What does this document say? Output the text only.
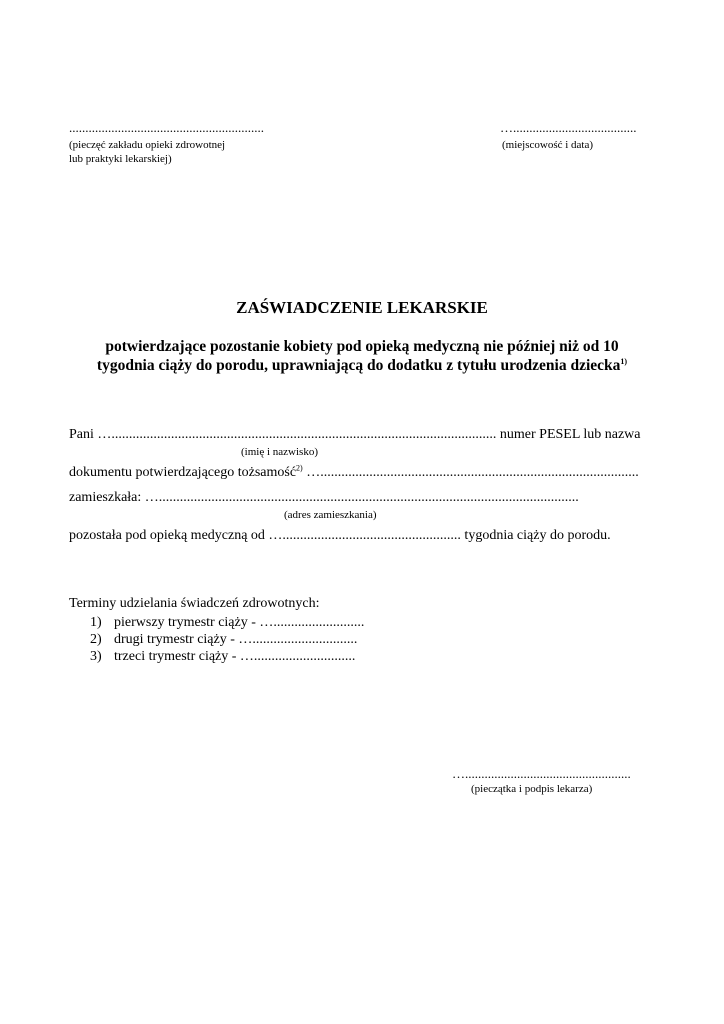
............................................................
(pieczęć zakładu opieki zdrowotnej
lub praktyki lekarskiej)
…......................................
(miejscowość i data)
ZAŚWIADCZENIE LEKARSKIE
potwierdzające pozostanie kobiety pod opieką medyczną nie później niż od 10
tygodnia ciąży do porodu, uprawniającą do dodatku z tytułu urodzenia dziecka$^{1)}$
Pani ….............................................................................................................. numer PESEL lub nazwa
(imię i nazwisko)
dokumentu potwierdzającego tożsamość$^{2)}$ …...........................................................................................
zamieszkała: …........................................................................................................................
(adres zamieszkania)
pozostała pod opieką medyczną od …................................................... tygodnia ciąży do porodu.
Terminy udzielania świadczeń zdrowotnych:
1) pierwszy trymestr ciąży - …..........................
2) drugi trymestr ciąży - …..............................
3) trzeci trymestr ciąży - ….............................
…...................................................
(pieczątka i podpis lekarza)
